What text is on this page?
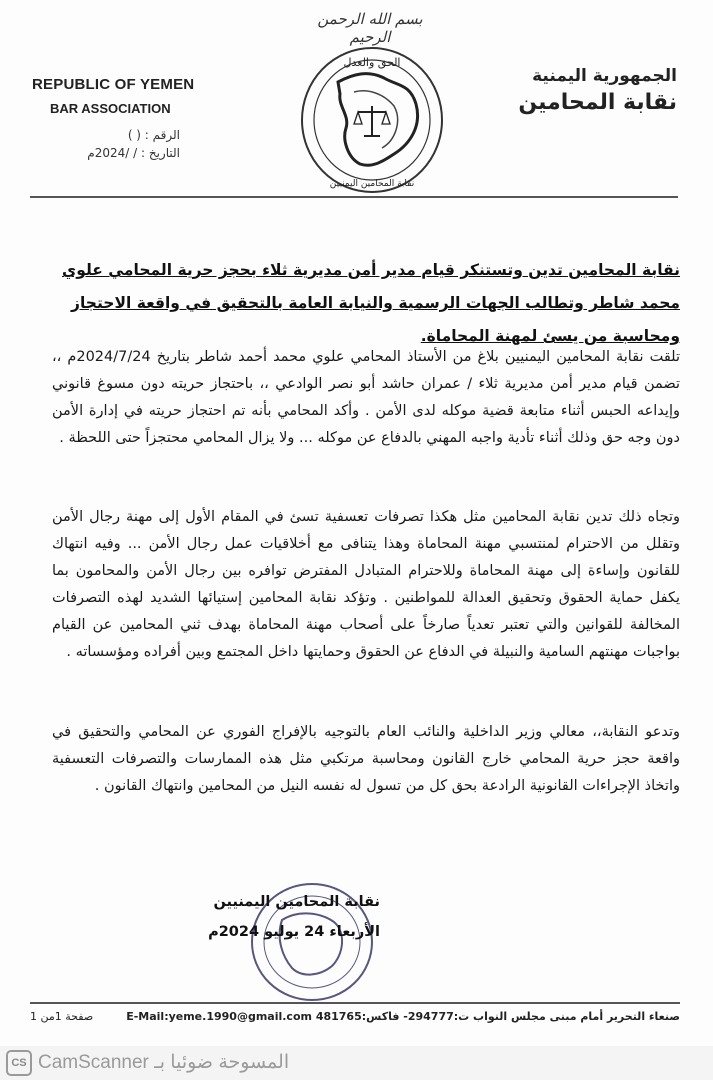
بسم الله الرحمن الرحيم
REPUBLIC OF YEMEN
BAR ASSOCIATION
الرقم : ( )
التاريخ : / /2024م
الجمهورية اليمنية
نقابة المحامين
الحق والعدل
نقابة المحامين اليمنيين
نقابة المحامين تدين وتستنكر قيام مدير أمن مديرية ثلاء بحجز حرية المحامي علوي محمد شاطر وتطالب الجهات الرسمية والنيابة العامة بالتحقيق في واقعة الاحتجاز ومحاسبة من يسئ لمهنة المحاماة.
تلقت نقابة المحامين اليمنيين بلاغ من الأستاذ المحامي علوي محمد أحمد شاطر بتاريخ 2024/7/24م ،، تضمن قيام مدير أمن مديرية ثلاء / عمران حاشد أبو نصر الوادعي ،، باحتجاز حريته دون مسوغ قانوني وإيداعه الحبس أثناء متابعة قضية موكله لدى الأمن . وأكد المحامي بأنه تم احتجاز حريته في إدارة الأمن دون وجه حق وذلك أثناء تأدية واجبه المهني بالدفاع عن موكله ... ولا يزال المحامي محتجزاً حتى اللحظة .
وتجاه ذلك تدين نقابة المحامين مثل هكذا تصرفات تعسفية تسئ في المقام الأول إلى مهنة رجال الأمن وتقلل من الاحترام لمنتسبي مهنة المحاماة وهذا يتنافى مع أخلاقيات عمل رجال الأمن ... وفيه انتهاك للقانون وإساءة إلى مهنة المحاماة وللاحترام المتبادل المفترض توافره بين رجال الأمن والمحامون بما يكفل حماية الحقوق وتحقيق العدالة للمواطنين . وتؤكد نقابة المحامين إستيائها الشديد لهذه التصرفات المخالفة للقوانين والتي تعتبر تعدياً صارخاً على أصحاب مهنة المحاماة بهدف ثني المحامين عن القيام بواجبات مهنتهم السامية والنبيلة في الدفاع عن الحقوق وحمايتها داخل المجتمع وبين أفراده ومؤسساته .
وتدعو النقابة،، معالي وزير الداخلية والنائب العام بالتوجيه بالإفراج الفوري عن المحامي والتحقيق في واقعة حجز حرية المحامي خارج القانون ومحاسبة مرتكبي مثل هذه الممارسات والتصرفات التعسفية واتخاذ الإجراءات القانونية الرادعة بحق كل من تسول له نفسه النيل من المحامين وانتهاك القانون .
نقابة المحامين اليمنيين
الأربعاء 24 يوليو 2024م
صنعاء التحرير أمام مبنى مجلس النواب ت:294777- فاكس:481765 E-Mail:yeme.1990@gmail.com
صفحة 1من 1
CS CamScanner المسوحة ضوئيا بـ
